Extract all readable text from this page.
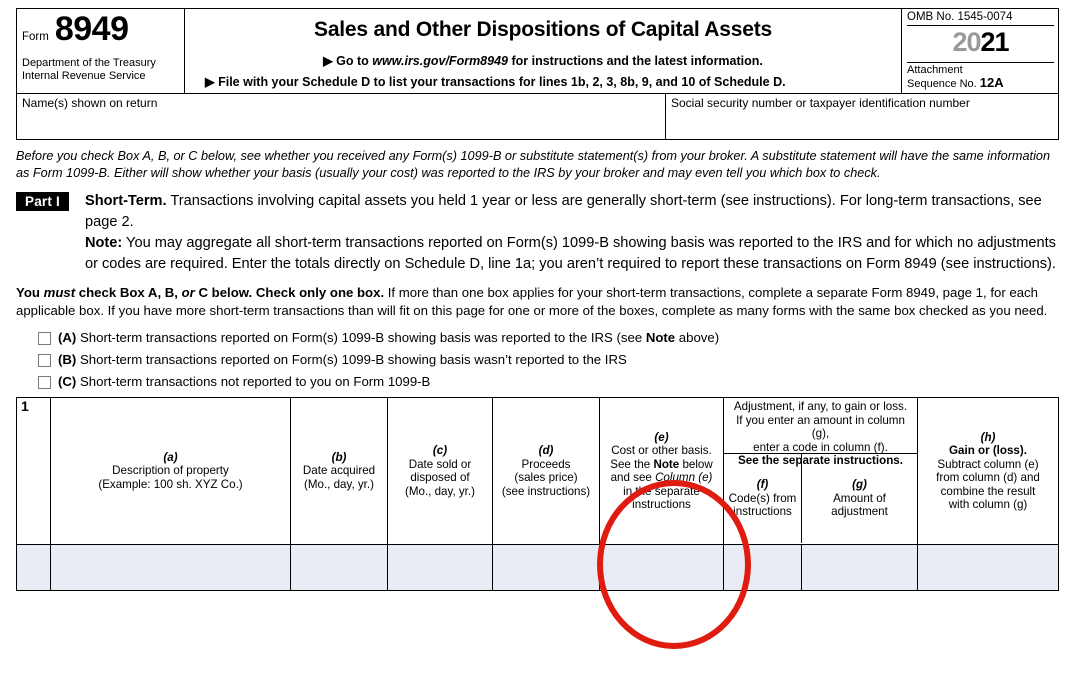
Form 8949
Department of the Treasury
Internal Revenue Service
Sales and Other Dispositions of Capital Assets
▶ Go to www.irs.gov/Form8949 for instructions and the latest information.
▶ File with your Schedule D to list your transactions for lines 1b, 2, 3, 8b, 9, and 10 of Schedule D.
OMB No. 1545-0074
2021
Attachment
Sequence No. 12A
Name(s) shown on return	Social security number or taxpayer identification number
Before you check Box A, B, or C below, see whether you received any Form(s) 1099-B or substitute statement(s) from your broker. A substitute statement will have the same information as Form 1099-B. Either will show whether your basis (usually your cost) was reported to the IRS by your broker and may even tell you which box to check.
Part I	Short-Term. Transactions involving capital assets you held 1 year or less are generally short-term (see instructions). For long-term transactions, see page 2.
Note: You may aggregate all short-term transactions reported on Form(s) 1099-B showing basis was reported to the IRS and for which no adjustments or codes are required. Enter the totals directly on Schedule D, line 1a; you aren’t required to report these transactions on Form 8949 (see instructions).
You must check Box A, B, or C below. Check only one box. If more than one box applies for your short-term transactions, complete a separate Form 8949, page 1, for each applicable box. If you have more short-term transactions than will fit on this page for one or more of the boxes, complete as many forms with the same box checked as you need.
(A) Short-term transactions reported on Form(s) 1099-B showing basis was reported to the IRS (see Note above)
(B) Short-term transactions reported on Form(s) 1099-B showing basis wasn’t reported to the IRS
(C) Short-term transactions not reported to you on Form 1099-B
1
(a)
Description of property
(Example: 100 sh. XYZ Co.)
(b)
Date acquired
(Mo., day, yr.)
(c)
Date sold or
disposed of
(Mo., day, yr.)
(d)
Proceeds
(sales price)
(see instructions)
(e)
Cost or other basis.
See the Note below
and see Column (e)
in the separate
instructions
Adjustment, if any, to gain or loss.
If you enter an amount in column (g),
enter a code in column (f).
See the separate instructions.
(f)
Code(s) from
instructions
(g)
Amount of
adjustment
(h)
Gain or (loss).
Subtract column (e)
from column (d) and
combine the result
with column (g)
